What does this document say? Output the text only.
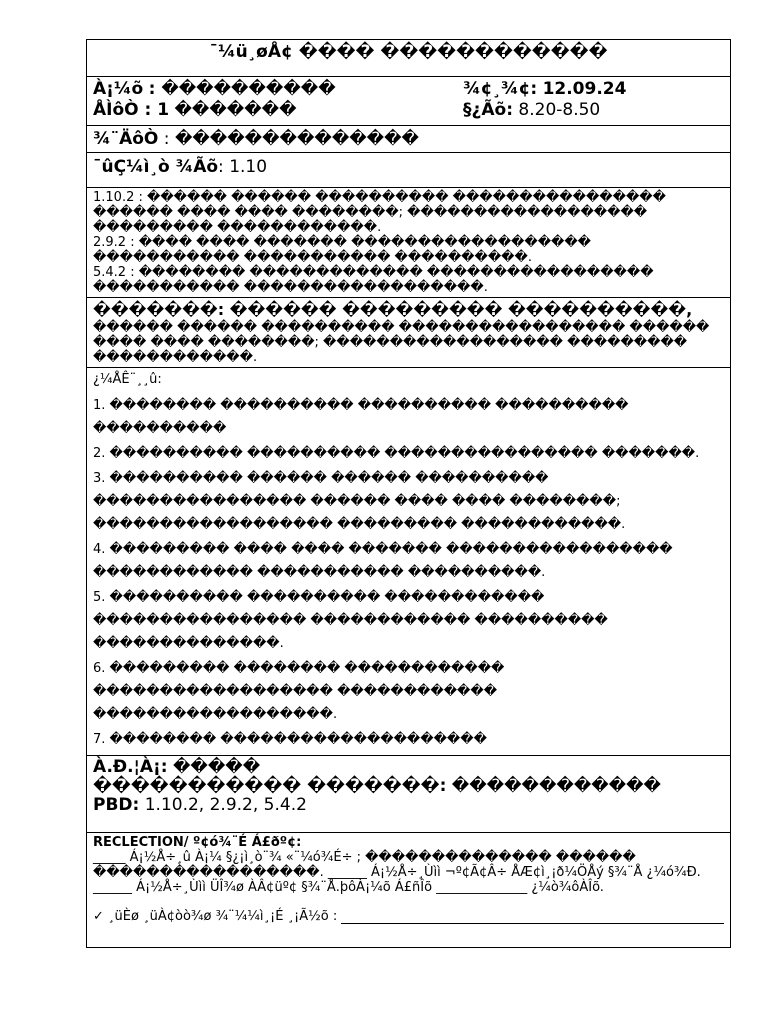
¯¼ü¸øÅ¢ ���� ������������

À¡¼õ : ����������	¾¢¸¾¢: 12.09.24
ÅÌôÒ : 1 �������	§¿Ãõ: 8.20-8.50

¾¨ÄôÒ : ��������������
¯ûÇ¼ì¸ò ¾Ãõ: 1.10

1.10.2 : ������ ������ ���������� ���������������� ������ ���� ���� ��������; ������������������ ��������� ������������.
2.9.2 : ���� ���� ������� ������������������ ����������� ����������� ����������.
5.4.2 : �������� ������������� ����������������� ����������� ������������������.

�������: ������ ��������� ����������,
������ ������ ���������� ����������������� ������ ���� ���� ��������; ������������������ ��������� ������������.

¿¼ÅÊ¨¸¸û:
1. �������� ���������� ���������� ���������� ����������
2. ���������� ���������� ���������������� �������.
3. ���������� ������ ������ ���������� ���������������� ������ ���� ���� ��������; ������������������ ��������� ������������.
4. ��������� ���� ���� ������� ����������������� ������������ ����������� ����������.
5. ���������� ���������� ������������ ���������������� ������������ ���������� ��������������.
6. ��������� �������� ������������ ������������������ ������������ ������������������.
7. �������� ��������������������

À.Ð.¦À¡: �����
����������� �������: ������������
PBD: 1.10.2, 2.9.2, 5.4.2

RECLECTION/ º¢ó¾¨É Á£ðº¢:
_____ Á¡½Å÷¸û À¡¼ §¿¡ì¸ò¨¾ «¨¼ó¾É÷ ; �������������� ������ �����������������. ______ Á¡½Å÷¸Ùìì ¬º¢Ã¢Â÷ ÅÆ¢ì¸¡ð¼ÖÅý §¾¨Å ¿¼ó¾Ð. ______ Á¡½Å÷¸Ùìì ÜÎ¾ø ÀÂ¢üº¢ §¾¨Å.þôÀ¡¼õ Á£ñÎõ ______________ ¿¼ò¾ôÀÎõ.
✓
¸üÈø ¸üÀ¢òò¾ø ¾¨¼¼ì¸¡É ¸¡Ã½õ :
